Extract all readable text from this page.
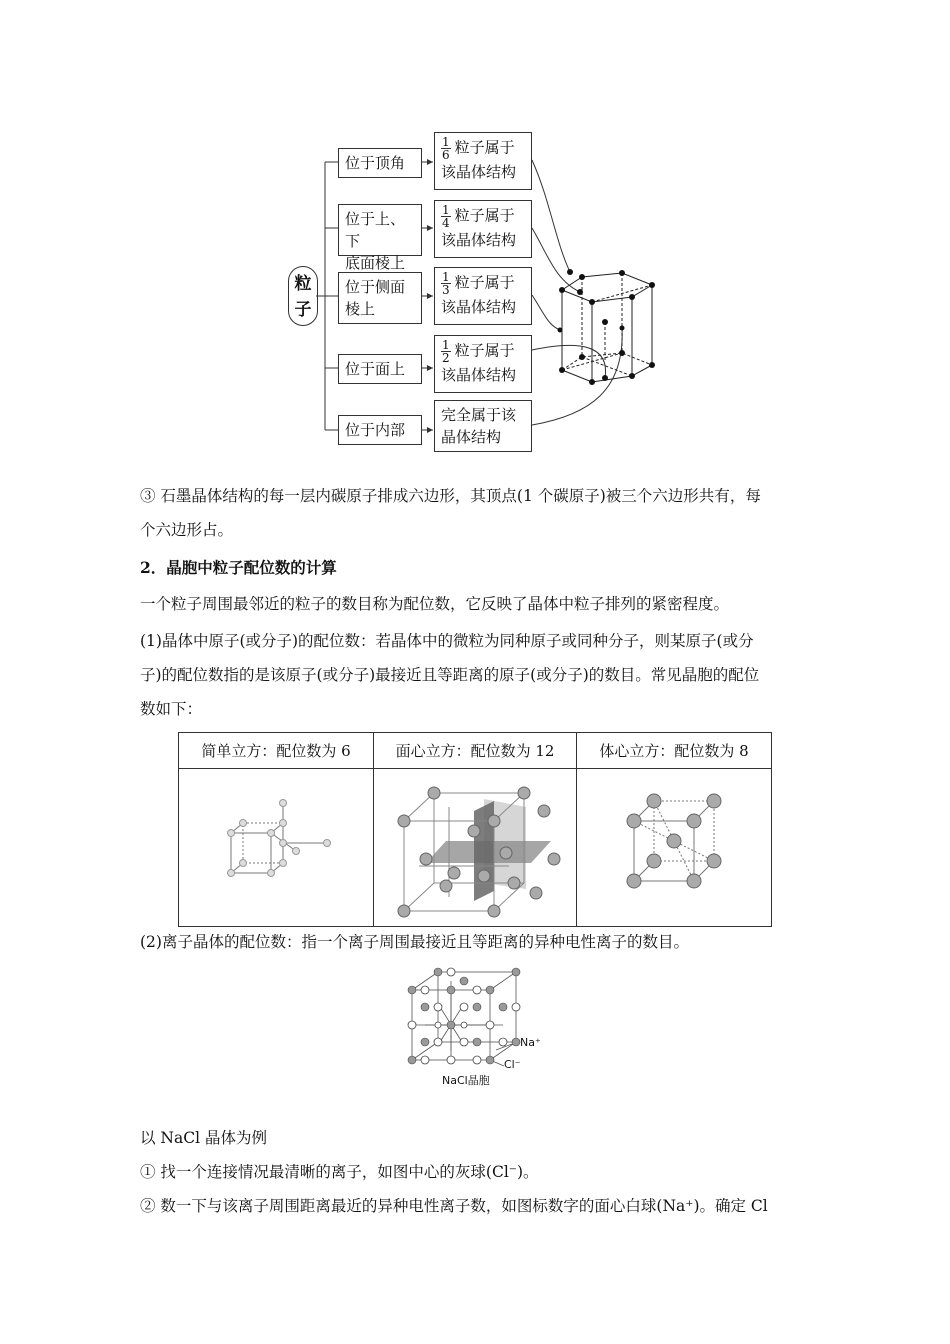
粒
子
位于顶角
$\frac{1}{6}$ 粒子属于
该晶体结构
位于上、下
底面棱上
$\frac{1}{4}$ 粒子属于
该晶体结构
位于侧面
棱上
$\frac{1}{3}$ 粒子属于
该晶体结构
位于面上
$\frac{1}{2}$ 粒子属于
该晶体结构
位于内部
完全属于该
晶体结构
③ 石墨晶体结构的每一层内碳原子排成六边形，其顶点(1 个碳原子)被三个六边形共有，每
个六边形占。
2．晶胞中粒子配位数的计算
一个粒子周围最邻近的粒子的数目称为配位数，它反映了晶体中粒子排列的紧密程度。
(1)晶体中原子(或分子)的配位数：若晶体中的微粒为同种原子或同种分子，则某原子(或分
子)的配位数指的是该原子(或分子)最接近且等距离的原子(或分子)的数目。常见晶胞的配位
数如下：
简单立方：配位数为 6	面心立方：配位数为 12	体心立方：配位数为 8

(2)离子晶体的配位数：指一个离子周围最接近且等距离的异种电性离子的数目。
Na⁺
Cl⁻
NaCl晶胞
以 NaCl 晶体为例
① 找一个连接情况最清晰的离子，如图中心的灰球(Cl⁻)。
② 数一下与该离子周围距离最近的异种电性离子数，如图标数字的面心白球(Na⁺)。确定 Cl
